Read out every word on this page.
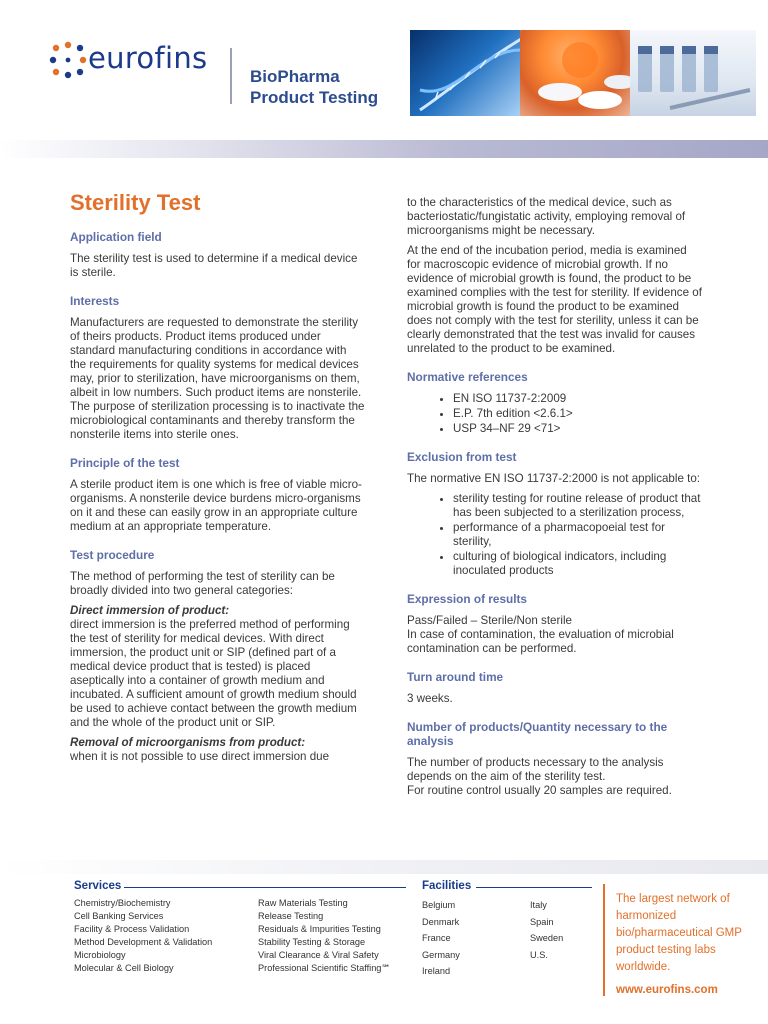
eurofins
BioPharma
Product Testing
Sterility Test
Application field

The sterility test is used to determine if a medical device is sterile.

Interests

Manufacturers are requested to demonstrate the sterility of theirs products. Product items produced under standard manufacturing conditions in accordance with the requirements for quality systems for medical devices may, prior to sterilization, have microorganisms on them, albeit in low numbers. Such product items are nonsterile. The purpose of sterilization processing is to inactivate the microbiological contaminants and thereby transform the nonsterile items into sterile ones.

Principle of the test

A sterile product item is one which is free of viable micro-organisms. A nonsterile device burdens micro-organisms on it and these can easily grow in an appropriate culture medium at an appropriate temperature.

Test procedure

The method of performing the test of sterility can be broadly divided into two general categories:

Direct immersion of product:

direct immersion is the preferred method of performing the test of sterility for medical devices. With direct immersion, the product unit or SIP (defined part of a medical device product that is tested) is placed aseptically into a container of growth medium and incubated. A sufficient amount of growth medium should be used to achieve contact between the growth medium and the whole of the product unit or SIP.

Removal of microorganisms from product:

when it is not possible to use direct immersion due

to the characteristics of the medical device, such as bacteriostatic/fungistatic activity, employing removal of microorganisms might be necessary.

At the end of the incubation period, media is examined for macroscopic evidence of microbial growth. If no evidence of microbial growth is found, the product to be examined complies with the test for sterility. If evidence of microbial growth is found the product to be examined does not comply with the test for sterility, unless it can be clearly demonstrated that the test was invalid for causes unrelated to the product to be examined.

Normative references
• EN ISO 11737-2:2009
• E.P. 7th edition <2.6.1>
• USP 34–NF 29 <71>
Exclusion from test

The normative EN ISO 11737-2:2000 is not applicable to:

• sterility testing for routine release of product that has been subjected to a sterilization process,
• performance of a pharmacopoeial test for sterility,
• culturing of biological indicators, including inoculated products
Expression of results

Pass/Failed – Sterile/Non sterile

In case of contamination, the evaluation of microbial contamination can be performed.

Turn around time

3 weeks.

Number of products/Quantity necessary to the analysis

The number of products necessary to the analysis depends on the aim of the sterility test.

For routine control usually 20 samples are required.

Services
Chemistry/Biochemistry
Cell Banking Services
Facility & Process Validation
Method Development & Validation
Microbiology
Molecular & Cell Biology
Raw Materials Testing
Release Testing
Residuals & Impurities Testing
Stability Testing & Storage
Viral Clearance & Viral Safety
Professional Scientific Staffing℠
Facilities
Belgium
Denmark
France
Germany
Ireland
Italy
Spain
Sweden
U.S.
The largest network of harmonized bio/pharmaceutical GMP product testing labs worldwide.
www.eurofins.com
